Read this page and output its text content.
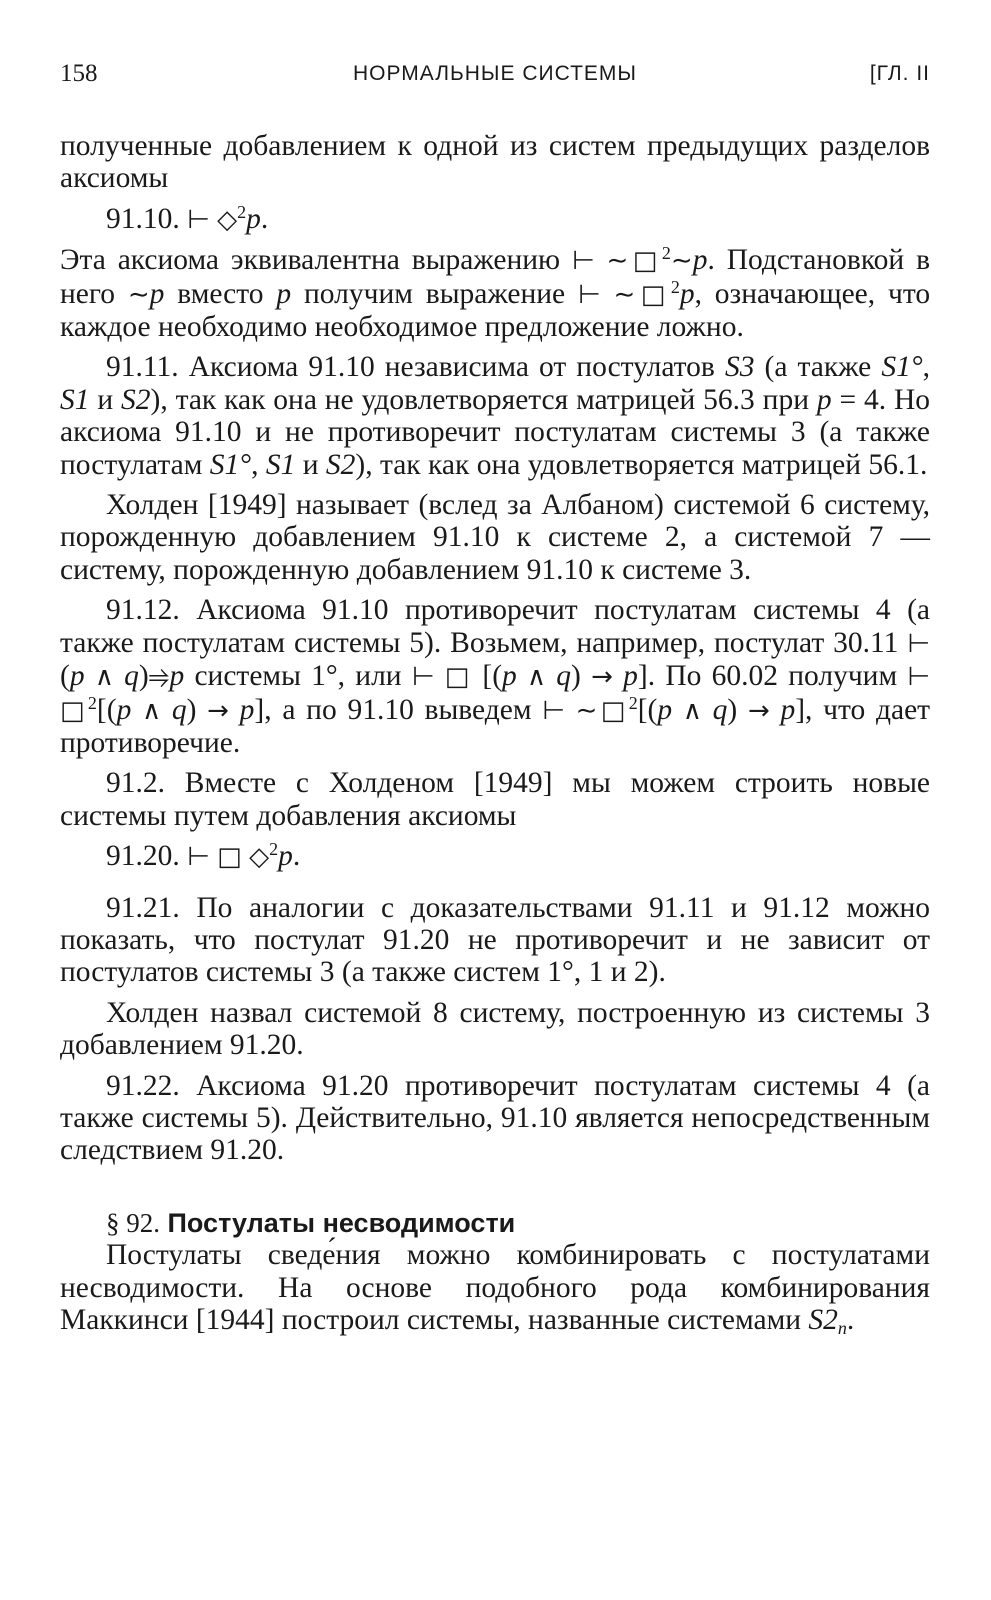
158	НОРМАЛЬНЫЕ СИСТЕМЫ	[ГЛ. II

полученные добавлением к одной из систем предыдущих разделов аксиомы

91.10. ⊢ ◇$^2$p.

Эта аксиома эквивалентна выражению ⊢ ∼□$^2$∼p. Подстановкой в него ∼p вместо p получим выражение ⊢ ∼□$^2$p, означающее, что каждое необходимо необходимое предложение ложно.

91.11. Аксиома 91.10 независима от постулатов S3 (а также S1°, S1 и S2), так как она не удовлетворяется матрицей 56.3 при p = 4. Но аксиома 91.10 и не противоречит постулатам системы 3 (а также постулатам S1°, S1 и S2), так как она удовлетворяется матрицей 56.1.

Холден [1949] называет (вслед за Албаном) системой 6 систему, порожденную добавлением 91.10 к системе 2, а системой 7 — систему, порожденную добавлением 91.10 к системе 3.

91.12. Аксиома 91.10 противоречит постулатам системы 4 (а также постулатам системы 5). Возьмем, например, постулат 30.11 ⊢ (p ∧ q)⥤p системы 1°, или ⊢ □ [(p ∧ q) → p]. По 60.02 получим ⊢ □$^2$[(p ∧ q) → p], а по 91.10 выведем ⊢ ∼□$^2$[(p ∧ q) → p], что дает противоречие.

91.2. Вместе с Холденом [1949] мы можем строить новые системы путем добавления аксиомы

91.20. ⊢ □ ◇$^2$p.

91.21. По аналогии с доказательствами 91.11 и 91.12 можно показать, что постулат 91.20 не противоречит и не зависит от постулатов системы 3 (а также систем 1°, 1 и 2).

Холден назвал системой 8 систему, построенную из системы 3 добавлением 91.20.

91.22. Аксиома 91.20 противоречит постулатам системы 4 (а также системы 5). Действительно, 91.10 является непосредственным следствием 91.20.

§ 92. Постулаты несводимости

Постулаты сведе́ния можно комбинировать с постулатами несводимости. На основе подобного рода комбинирования Маккинси [1944] построил системы, названные системами $S2_n$.
